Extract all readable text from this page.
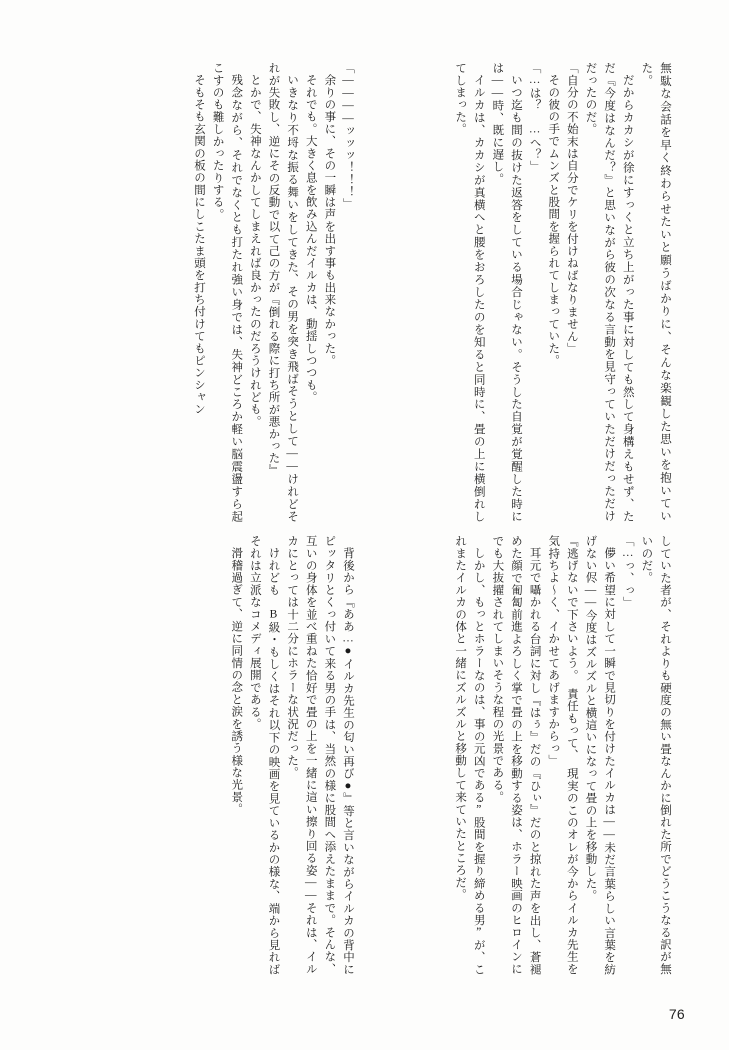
無駄な会話を早く終わらせたいと願うばかりに、そんな楽観した思いを抱いていた。
だからカカシが徐にすっくと立ち上がった事に対しても然して身構えもせず、ただ『今度はなんだ？』と思いながら彼の次なる言動を見守っていただけだっただけだったのだ。
「自分の不始末は自分でケリを付けねばなりません」
その彼の手でムンズと股間を握られてしまっていた。
「…は？　…へ？」
いつ迄も間の抜けた返答をしている場合じゃない。そうした自覚が覚醒した時には――時、既に遅し。
イルカは、カカシが真横へと腰をおろしたのを知ると同時に、畳の上に横倒れしてしまった。
「――――ッッッ！！！」
余りの事に、その一瞬は声を出す事も出来なかった。
それでも。大きく息を飲み込んだイルカは、動揺しつつも。
いきなり不埒な振る舞いをしてきた、その男を突き飛ばそうとして――けれどそれが失敗し、逆にその反動で以て己の方が『倒れる際に打ち所が悪かった』
とかで、失神なんかしてしまえれば良かったのだろうけれども。
残念ながら、それでなくとも打たれ強い身では、失神どころか軽い脳震盪すら起こすのも難しかったりする。
そもそも玄関の板の間にしこたま頭を打ち付けてもピンシャン
していた者が、それよりも硬度の無い畳なんかに倒れた所でどうこうなる訳が無いのだ。
「…っ、っ」
儚い希望に対して一瞬で見切りを付けたイルカは――未だ言葉らしい言葉を紡げない侭――今度はズルズルと横這いになって畳の上を移動した。
『逃げないで下さいよう。　責任もって、　現実のこのオレが今からイルカ先生を気持ちよ〜く、イかせてあげますからっ」
耳元で囁かれる台詞に対し『はぅ』だの『ひぃ』だのと掠れた声を出し、蒼褪めた顔で匍匐前進よろしく掌で畳の上を移動する姿は、ホラー映画のヒロインにでも大抜擢されてしまいそうな程の光景である。
しかし、もっとホラーなのは、事の元凶である”股間を握り締める男”が、これまたイルカの体と一緒にズルズルと移動して来ていたところだ。
背後から『ああ…●イルカ先生の匂い再び●』等と言いながらイルカの背中にピッタリとくっ付いて来る男の手は、当然の様に股間へ添えたままで。そんな、互いの身体を並べ重ねた恰好で畳の上を一緒に這い擦り回る姿――それは、イルカにとっては十二分にホラーな状況だった。
けれども В級・もしくはそれ以下の映画を見ているかの様な、端から見ればそれは立派なコメディ展開である。
滑稽過ぎて、逆に同情の念と涙を誘う様な光景。
76
